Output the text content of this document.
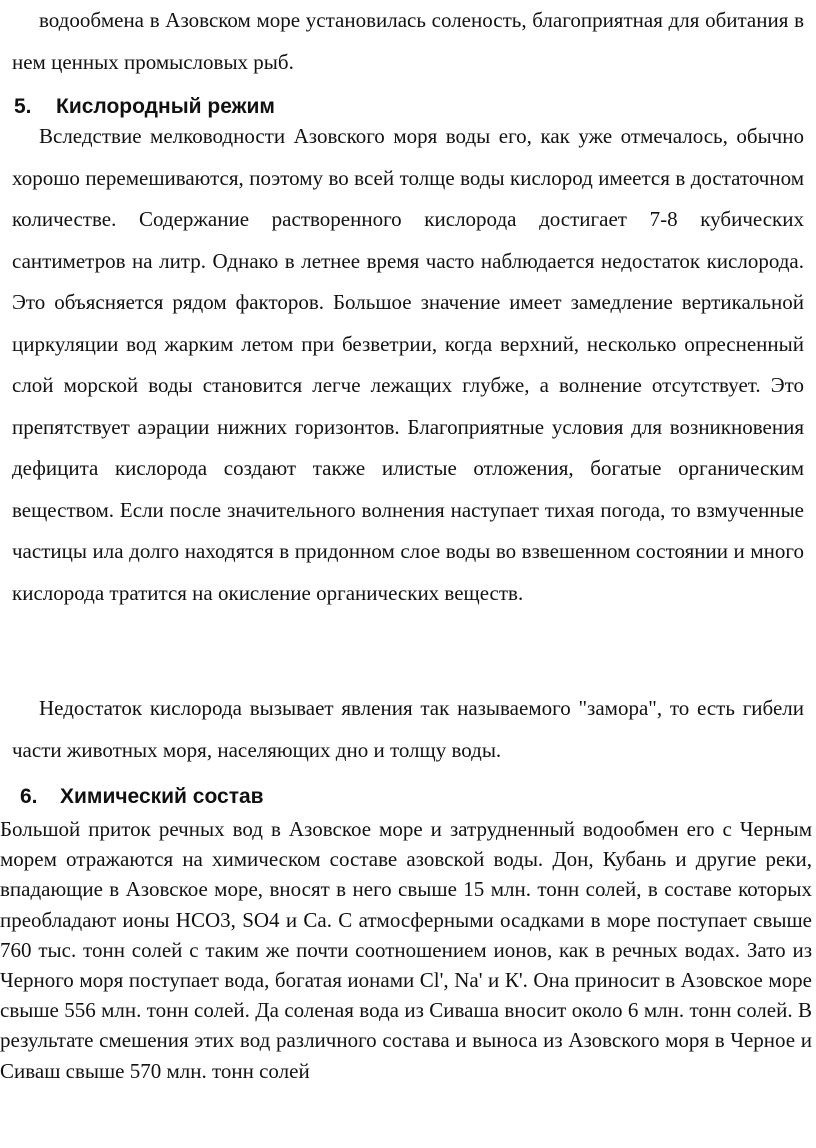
водообмена в Азовском море установилась соленость, благоприятная для обитания в нем ценных промысловых рыб.

5. Кислородный режим

Вследствие мелководности Азовского моря воды его, как уже отмечалось, обычно хорошо перемешиваются, поэтому во всей толще воды кислород имеется в достаточном количестве. Содержание растворенного кислорода достигает 7-8 кубических сантиметров на литр. Однако в летнее время часто наблюдается недостаток кислорода. Это объясняется рядом факторов. Большое значение имеет замедление вертикальной циркуляции вод жарким летом при безветрии, когда верхний, несколько опресненный слой морской воды становится легче лежащих глубже, а волнение отсутствует. Это препятствует аэрации нижних горизонтов. Благоприятные условия для возникновения дефицита кислорода создают также илистые отложения, богатые органическим веществом. Если после значительного волнения наступает тихая погода, то взмученные частицы ила долго находятся в придонном слое воды во взвешенном состоянии и много кислорода тратится на окисление органических веществ.

Недостаток кислорода вызывает явления так называемого "замора", то есть гибели части животных моря, населяющих дно и толщу воды.

6. Химический состав

Большой приток речных вод в Азовское море и затрудненный водообмен его с Черным морем отражаются на химическом составе азовской воды. Дон, Кубань и другие реки, впадающие в Азовское море, вносят в него свыше 15 млн. тонн солей, в составе которых преобладают ионы НСО3, SO4 и Са. С атмосферными осадками в море поступает свыше 760 тыс. тонн солей с таким же почти соотношением ионов, как в речных водах. Зато из Черного моря поступает вода, богатая ионами Cl', Na' и К'. Она приносит в Азовское море свыше 556 млн. тонн солей. Да соленая вода из Сиваша вносит около 6 млн. тонн солей. В результате смешения этих вод различного состава и выноса из Азовского моря в Черное и Сиваш свыше 570 млн. тонн солей
